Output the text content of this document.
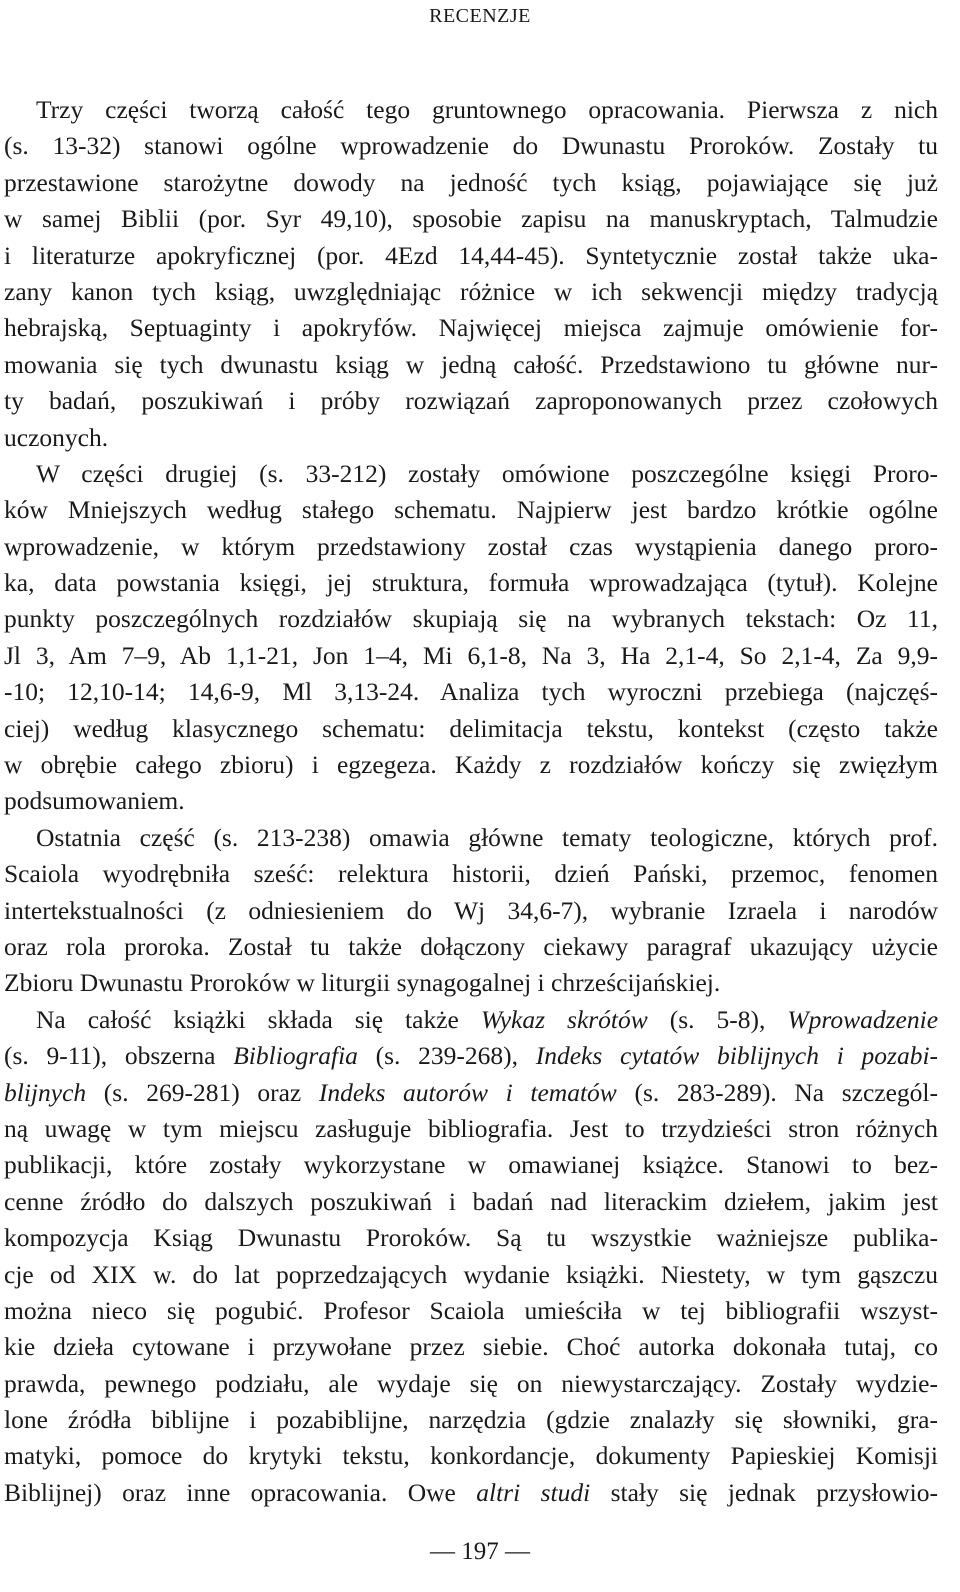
RECENZJE
Trzy części tworzą całość tego gruntownego opracowania. Pierwsza z nich
(s. 13-32) stanowi ogólne wprowadzenie do Dwunastu Proroków. Zostały tu
przestawione starożytne dowody na jedność tych ksiąg, pojawiające się już
w samej Biblii (por. Syr 49,10), sposobie zapisu na manuskryptach, Talmudzie
i literaturze apokryficznej (por. 4Ezd 14,44-45). Syntetycznie został także uka-
zany kanon tych ksiąg, uwzględniając różnice w ich sekwencji między tradycją
hebrajską, Septuaginty i apokryfów. Najwięcej miejsca zajmuje omówienie for-
mowania się tych dwunastu ksiąg w jedną całość. Przedstawiono tu główne nur-
ty badań, poszukiwań i próby rozwiązań zaproponowanych przez czołowych
uczonych.
W części drugiej (s. 33-212) zostały omówione poszczególne księgi Proro-
ków Mniejszych według stałego schematu. Najpierw jest bardzo krótkie ogólne
wprowadzenie, w którym przedstawiony został czas wystąpienia danego proro-
ka, data powstania księgi, jej struktura, formuła wprowadzająca (tytuł). Kolejne
punkty poszczególnych rozdziałów skupiają się na wybranych tekstach: Oz 11,
Jl 3, Am 7–9, Ab 1,1-21, Jon 1–4, Mi 6,1-8, Na 3, Ha 2,1-4, So 2,1-4, Za 9,9-
-10; 12,10-14; 14,6-9, Ml 3,13-24. Analiza tych wyroczni przebiega (najczęś-
ciej) według klasycznego schematu: delimitacja tekstu, kontekst (często także
w obrębie całego zbioru) i egzegeza. Każdy z rozdziałów kończy się zwięzłym
podsumowaniem.
Ostatnia część (s. 213-238) omawia główne tematy teologiczne, których prof.
Scaiola wyodrębniła sześć: relektura historii, dzień Pański, przemoc, fenomen
intertekstualności (z odniesieniem do Wj 34,6-7), wybranie Izraela i narodów
oraz rola proroka. Został tu także dołączony ciekawy paragraf ukazujący użycie
Zbioru Dwunastu Proroków w liturgii synagogalnej i chrześcijańskiej.
Na całość książki składa się także Wykaz skrótów (s. 5-8), Wprowadzenie
(s. 9-11), obszerna Bibliografia (s. 239-268), Indeks cytatów biblijnych i pozabi-
blijnych (s. 269-281) oraz Indeks autorów i tematów (s. 283-289). Na szczegól-
ną uwagę w tym miejscu zasługuje bibliografia. Jest to trzydzieści stron różnych
publikacji, które zostały wykorzystane w omawianej książce. Stanowi to bez-
cenne źródło do dalszych poszukiwań i badań nad literackim dziełem, jakim jest
kompozycja Ksiąg Dwunastu Proroków. Są tu wszystkie ważniejsze publika-
cje od XIX w. do lat poprzedzających wydanie książki. Niestety, w tym gąszczu
można nieco się pogubić. Profesor Scaiola umieściła w tej bibliografii wszyst-
kie dzieła cytowane i przywołane przez siebie. Choć autorka dokonała tutaj, co
prawda, pewnego podziału, ale wydaje się on niewystarczający. Zostały wydzie-
lone źródła biblijne i pozabiblijne, narzędzia (gdzie znalazły się słowniki, gra-
matyki, pomoce do krytyki tekstu, konkordancje, dokumenty Papieskiej Komisji
Biblijnej) oraz inne opracowania. Owe altri studi stały się jednak przysłowio-
— 197 —
